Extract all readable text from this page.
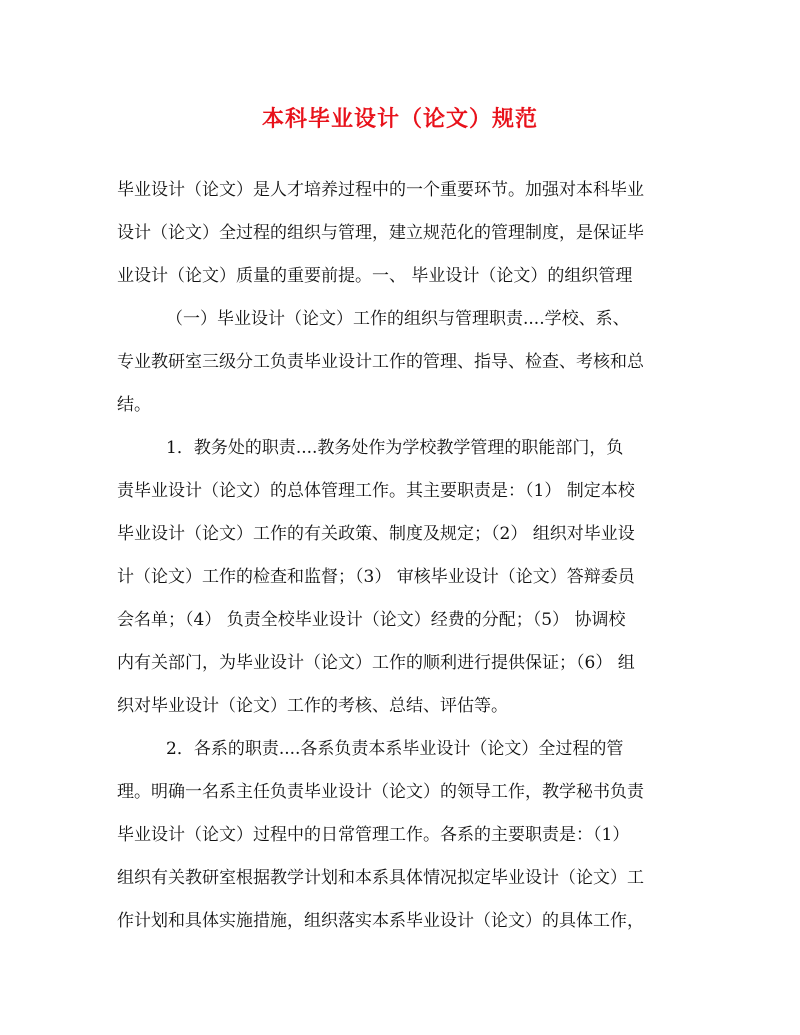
本科毕业设计（论文）规范

毕业设计（论文）是人才培养过程中的一个重要环节。加强对本科毕业

设计（论文）全过程的组织与管理，建立规范化的管理制度，是保证毕

业设计（论文）质量的重要前提。一、 毕业设计（论文）的组织管理

（一）毕业设计（论文）工作的组织与管理职责....学校、系、

专业教研室三级分工负责毕业设计工作的管理、指导、检查、考核和总

结。

1．教务处的职责....教务处作为学校教学管理的职能部门，负

责毕业设计（论文）的总体管理工作。其主要职责是：（1） 制定本校

毕业设计（论文）工作的有关政策、制度及规定；（2） 组织对毕业设

计（论文）工作的检查和监督；（3） 审核毕业设计（论文）答辩委员

会名单；（4） 负责全校毕业设计（论文）经费的分配；（5） 协调校

内有关部门，为毕业设计（论文）工作的顺利进行提供保证；（6） 组

织对毕业设计（论文）工作的考核、总结、评估等。

2．各系的职责....各系负责本系毕业设计（论文）全过程的管

理。明确一名系主任负责毕业设计（论文）的领导工作，教学秘书负责

毕业设计（论文）过程中的日常管理工作。各系的主要职责是：（1）

组织有关教研室根据教学计划和本系具体情况拟定毕业设计（论文）工

作计划和具体实施措施，组织落实本系毕业设计（论文）的具体工作，
